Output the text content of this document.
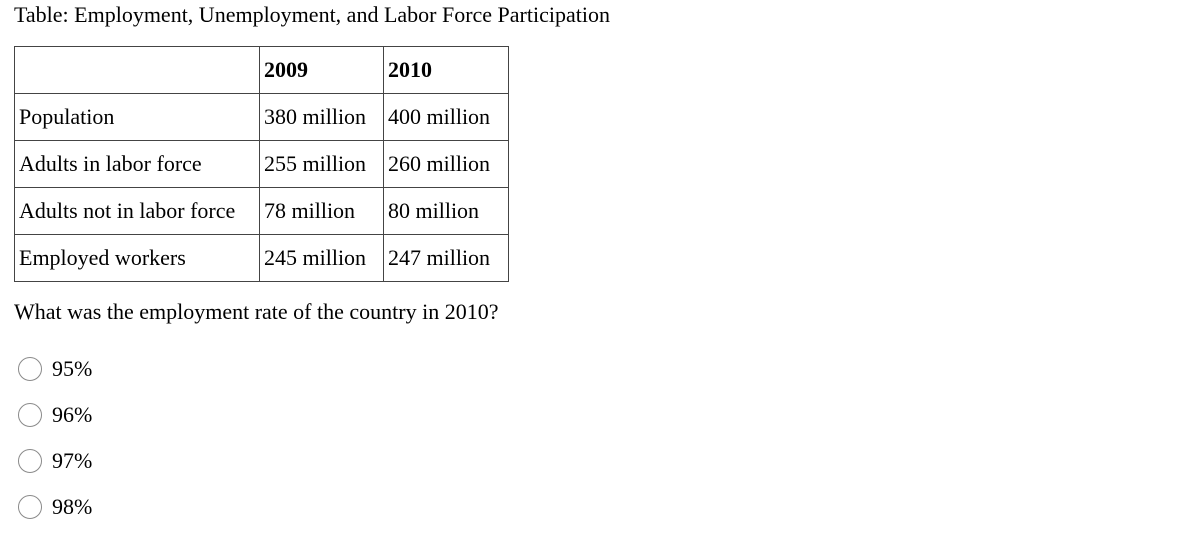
Table: Employment, Unemployment, and Labor Force Participation
	2009	2010
Population	380 million	400 million
Adults in labor force	255 million	260 million
Adults not in labor force	78 million	80 million
Employed workers	245 million	247 million
What was the employment rate of the country in 2010?
95%
96%
97%
98%
